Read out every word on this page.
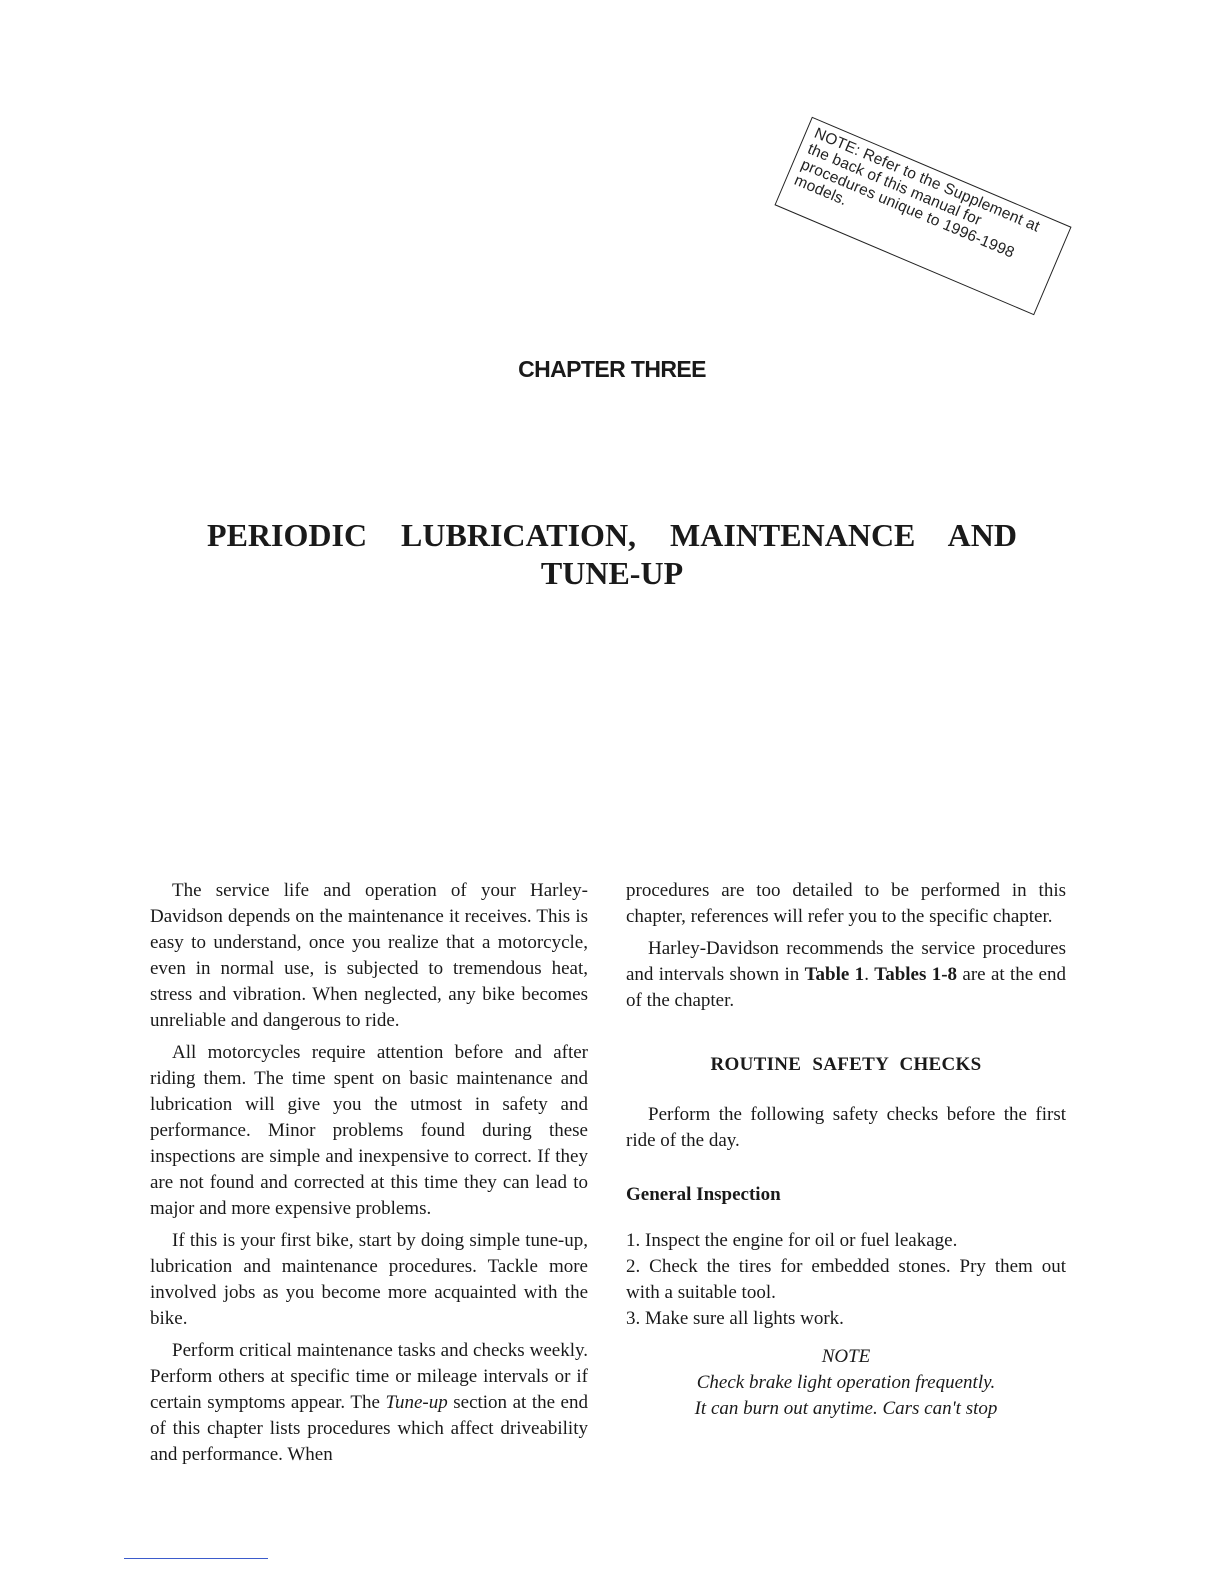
NOTE: Refer to the Supplement at the back of this manual for procedures unique to 1996-1998 models.
CHAPTER THREE
PERIODIC LUBRICATION, MAINTENANCE AND TUNE-UP

The service life and operation of your Harley-Davidson depends on the maintenance it receives. This is easy to understand, once you realize that a motorcycle, even in normal use, is subjected to tremendous heat, stress and vibration. When neglected, any bike becomes unreliable and dangerous to ride.

All motorcycles require attention before and after riding them. The time spent on basic maintenance and lubrication will give you the utmost in safety and performance. Minor problems found during these inspections are simple and inexpensive to correct. If they are not found and corrected at this time they can lead to major and more expensive problems.

If this is your first bike, start by doing simple tune-up, lubrication and maintenance procedures. Tackle more involved jobs as you become more acquainted with the bike.

Perform critical maintenance tasks and checks weekly. Perform others at specific time or mileage intervals or if certain symptoms appear. The Tune-up section at the end of this chapter lists procedures which affect driveability and performance. When

procedures are too detailed to be performed in this chapter, references will refer you to the specific chapter.

Harley-Davidson recommends the service procedures and intervals shown in Table 1. Tables 1-8 are at the end of the chapter.

ROUTINE SAFETY CHECKS

Perform the following safety checks before the first ride of the day.

General Inspection
1. Inspect the engine for oil or fuel leakage.
2. Check the tires for embedded stones. Pry them out with a suitable tool.
3. Make sure all lights work.
NOTE
Check brake light operation frequently.
It can burn out anytime. Cars can't stop
